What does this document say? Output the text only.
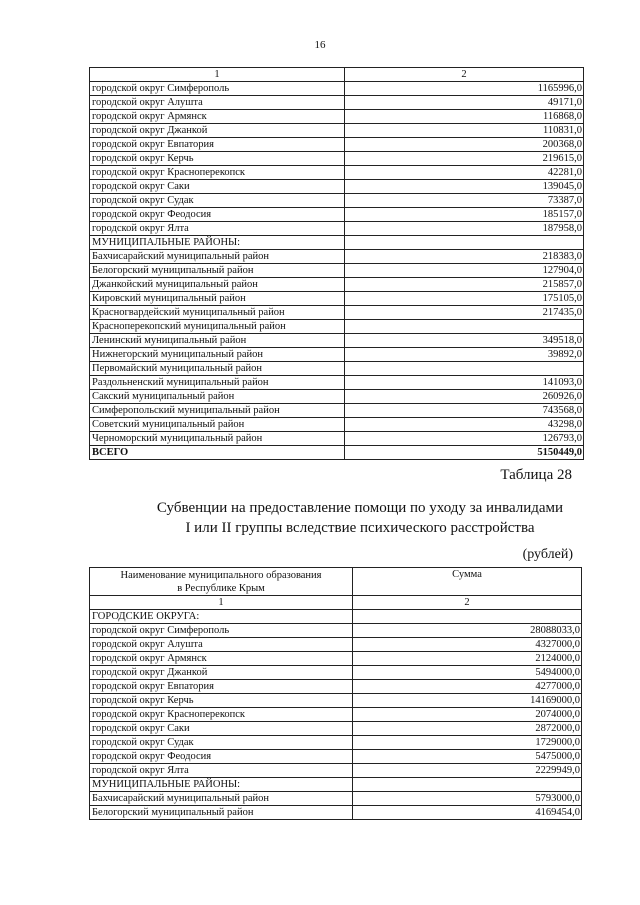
16
1	2
городской округ Симферополь	1165996,0
городской округ Алушта	49171,0
городской округ Армянск	116868,0
городской округ Джанкой	110831,0
городской округ Евпатория	200368,0
городской округ Керчь	219615,0
городской округ Красноперекопск	42281,0
городской округ Саки	139045,0
городской округ Судак	73387,0
городской округ Феодосия	185157,0
городской округ Ялта	187958,0
МУНИЦИПАЛЬНЫЕ РАЙОНЫ:	
Бахчисарайский муниципальный район	218383,0
Белогорский муниципальный район	127904,0
Джанкойский муниципальный район	215857,0
Кировский муниципальный район	175105,0
Красногвардейский муниципальный район	217435,0
Красноперекопский муниципальный район	
Ленинский муниципальный район	349518,0
Нижнегорский муниципальный район	39892,0
Первомайский муниципальный район	
Раздольненский муниципальный район	141093,0
Сакский муниципальный район	260926,0
Симферопольский муниципальный район	743568,0
Советский муниципальный район	43298,0
Черноморский муниципальный район	126793,0
ВСЕГО	5150449,0
Таблица 28
Субвенции на предоставление помощи по уходу за инвалидами
I или II группы вследствие психического расстройства
(рублей)
Наименование муниципального образования
в Республике Крым	Сумма
1	2
ГОРОДСКИЕ ОКРУГА:	
городской округ Симферополь	28088033,0
городской округ Алушта	4327000,0
городской округ Армянск	2124000,0
городской округ Джанкой	5494000,0
городской округ Евпатория	4277000,0
городской округ Керчь	14169000,0
городской округ Красноперекопск	2074000,0
городской округ Саки	2872000,0
городской округ Судак	1729000,0
городской округ Феодосия	5475000,0
городской округ Ялта	2229949,0
МУНИЦИПАЛЬНЫЕ РАЙОНЫ:	
Бахчисарайский муниципальный район	5793000,0
Белогорский муниципальный район	4169454,0
